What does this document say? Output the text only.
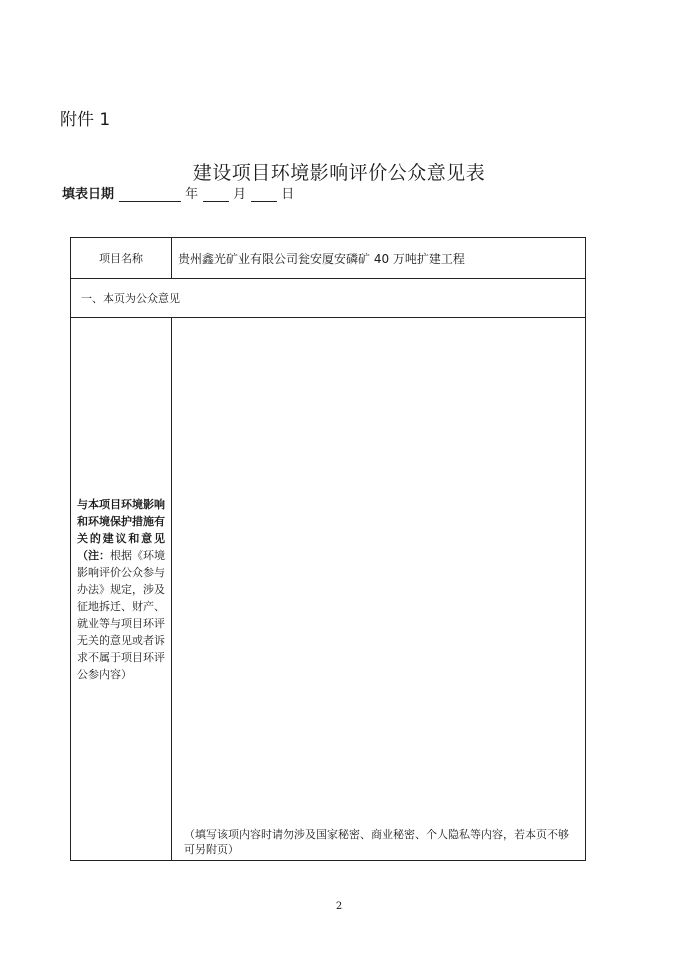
附件 1
建设项目环境影响评价公众意见表
填表日期	年	月	日
项目名称	贵州鑫光矿业有限公司瓮安厦安磷矿 40 万吨扩建工程
一、本页为公众意见	
与本项目环境影响和环境保护措施有关的建议和意见（注：根据《环境影响评价公众参与办法》规定，涉及征地拆迁、财产、就业等与项目环评无关的意见或者诉求不属于项目环评公参内容）	（填写该项内容时请勿涉及国家秘密、商业秘密、个人隐私等内容，若本页不够可另附页）
2
